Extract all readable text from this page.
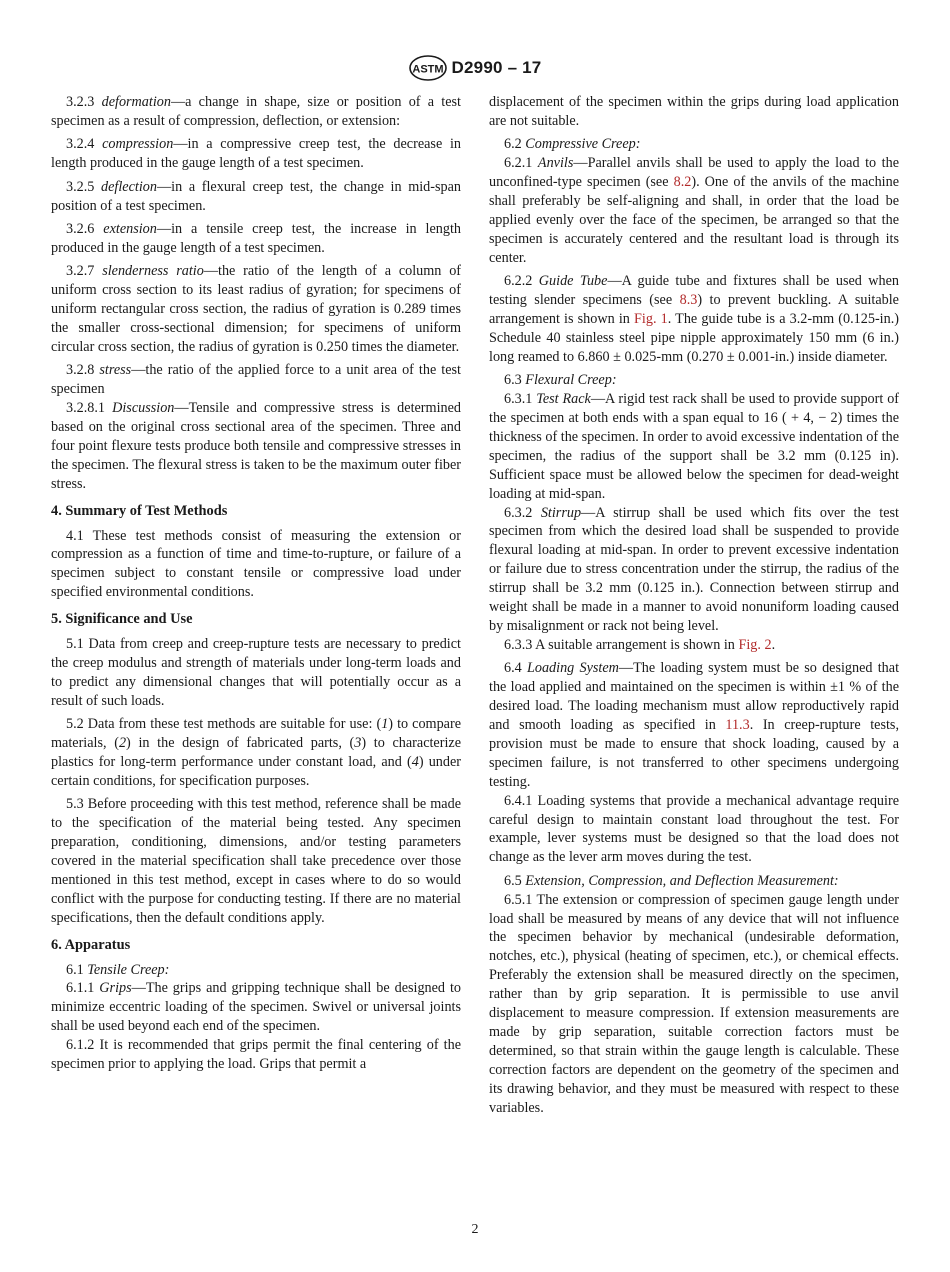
ASTM D2990 – 17

3.2.3 deformation—a change in shape, size or position of a test specimen as a result of compression, deflection, or extension:

3.2.4 compression—in a compressive creep test, the decrease in length produced in the gauge length of a test specimen.

3.2.5 deflection—in a flexural creep test, the change in mid-span position of a test specimen.

3.2.6 extension—in a tensile creep test, the increase in length produced in the gauge length of a test specimen.

3.2.7 slenderness ratio—the ratio of the length of a column of uniform cross section to its least radius of gyration; for specimens of uniform rectangular cross section, the radius of gyration is 0.289 times the smaller cross-sectional dimension; for specimens of uniform circular cross section, the radius of gyration is 0.250 times the diameter.

3.2.8 stress—the ratio of the applied force to a unit area of the test specimen

3.2.8.1 Discussion—Tensile and compressive stress is determined based on the original cross sectional area of the specimen. Three and four point flexure tests produce both tensile and compressive stresses in the specimen. The flexural stress is taken to be the maximum outer fiber stress.

4. Summary of Test Methods

4.1 These test methods consist of measuring the extension or compression as a function of time and time-to-rupture, or failure of a specimen subject to constant tensile or compressive load under specified environmental conditions.

5. Significance and Use

5.1 Data from creep and creep-rupture tests are necessary to predict the creep modulus and strength of materials under long-term loads and to predict any dimensional changes that will potentially occur as a result of such loads.

5.2 Data from these test methods are suitable for use: (1) to compare materials, (2) in the design of fabricated parts, (3) to characterize plastics for long-term performance under constant load, and (4) under certain conditions, for specification purposes.

5.3 Before proceeding with this test method, reference shall be made to the specification of the material being tested. Any specimen preparation, conditioning, dimensions, and/or testing parameters covered in the material specification shall take precedence over those mentioned in this test method, except in cases where to do so would conflict with the purpose for conducting testing. If there are no material specifications, then the default conditions apply.

6. Apparatus

6.1 Tensile Creep:

6.1.1 Grips—The grips and gripping technique shall be designed to minimize eccentric loading of the specimen. Swivel or universal joints shall be used beyond each end of the specimen.

6.1.2 It is recommended that grips permit the final centering of the specimen prior to applying the load. Grips that permit a

displacement of the specimen within the grips during load application are not suitable.

6.2 Compressive Creep:

6.2.1 Anvils—Parallel anvils shall be used to apply the load to the unconfined-type specimen (see 8.2). One of the anvils of the machine shall preferably be self-aligning and shall, in order that the load be applied evenly over the face of the specimen, be arranged so that the specimen is accurately centered and the resultant load is through its center.

6.2.2 Guide Tube—A guide tube and fixtures shall be used when testing slender specimens (see 8.3) to prevent buckling. A suitable arrangement is shown in Fig. 1. The guide tube is a 3.2-mm (0.125-in.) Schedule 40 stainless steel pipe nipple approximately 150 mm (6 in.) long reamed to 6.860 ± 0.025-mm (0.270 ± 0.001-in.) inside diameter.

6.3 Flexural Creep:

6.3.1 Test Rack—A rigid test rack shall be used to provide support of the specimen at both ends with a span equal to 16 ( + 4, − 2) times the thickness of the specimen. In order to avoid excessive indentation of the specimen, the radius of the support shall be 3.2 mm (0.125 in). Sufficient space must be allowed below the specimen for dead-weight loading at mid-span.

6.3.2 Stirrup—A stirrup shall be used which fits over the test specimen from which the desired load shall be suspended to provide flexural loading at mid-span. In order to prevent excessive indentation or failure due to stress concentration under the stirrup, the radius of the stirrup shall be 3.2 mm (0.125 in.). Connection between stirrup and weight shall be made in a manner to avoid nonuniform loading caused by misalignment or rack not being level.

6.3.3 A suitable arrangement is shown in Fig. 2.

6.4 Loading System—The loading system must be so designed that the load applied and maintained on the specimen is within ±1 % of the desired load. The loading mechanism must allow reproductively rapid and smooth loading as specified in 11.3. In creep-rupture tests, provision must be made to ensure that shock loading, caused by a specimen failure, is not transferred to other specimens undergoing testing.

6.4.1 Loading systems that provide a mechanical advantage require careful design to maintain constant load throughout the test. For example, lever systems must be designed so that the load does not change as the lever arm moves during the test.

6.5 Extension, Compression, and Deflection Measurement:

6.5.1 The extension or compression of specimen gauge length under load shall be measured by means of any device that will not influence the specimen behavior by mechanical (undesirable deformation, notches, etc.), physical (heating of specimen, etc.), or chemical effects. Preferably the extension shall be measured directly on the specimen, rather than by grip separation. It is permissible to use anvil displacement to measure compression. If extension measurements are made by grip separation, suitable correction factors must be determined, so that strain within the gauge length is calculable. These correction factors are dependent on the geometry of the specimen and its drawing behavior, and they must be measured with respect to these variables.

2
